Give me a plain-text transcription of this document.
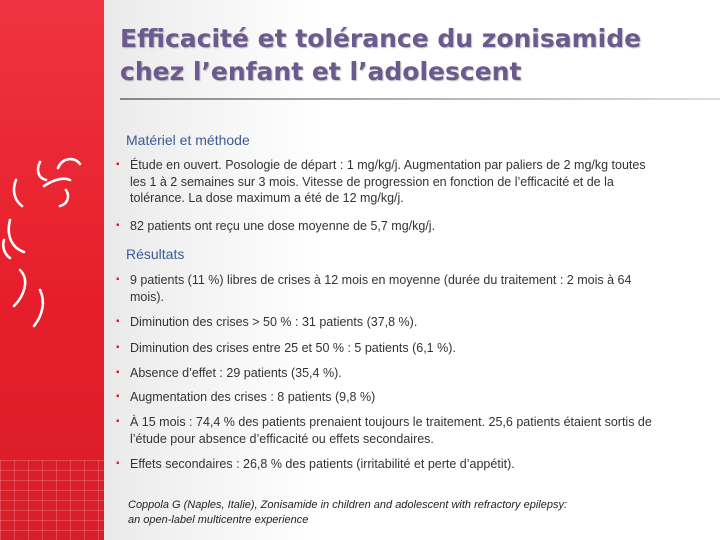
Efficacité et tolérance du zonisamide
chez l’enfant et l’adolescent
Matériel et méthode
▪ Étude en ouvert. Posologie de départ : 1 mg/kg/j. Augmentation par paliers de 2 mg/kg toutes les 1 à 2 semaines sur 3 mois. Vitesse de progression en fonction de l’efficacité et de la tolérance. La dose maximum a été de 12 mg/kg/j.
▪ 82 patients ont reçu une dose moyenne de 5,7 mg/kg/j.
Résultats
▪ 9 patients (11 %) libres de crises à 12 mois en moyenne (durée du traitement : 2 mois à 64 mois).
▪ Diminution des crises > 50 % : 31 patients (37,8 %).
▪ Diminution des crises entre 25 et 50 % : 5 patients (6,1 %).
▪ Absence d’effet : 29 patients (35,4 %).
▪ Augmentation des crises : 8 patients (9,8 %)
▪ À 15 mois : 74,4 % des patients prenaient toujours le traitement. 25,6 patients étaient sortis de l’étude pour absence d’efficacité ou effets secondaires.
▪ Effets secondaires : 26,8 % des patients (irritabilité et perte d’appétit).
Coppola G (Naples, Italie), Zonisamide in children and adolescent with refractory epilepsy:
an open-label multicentre experience
